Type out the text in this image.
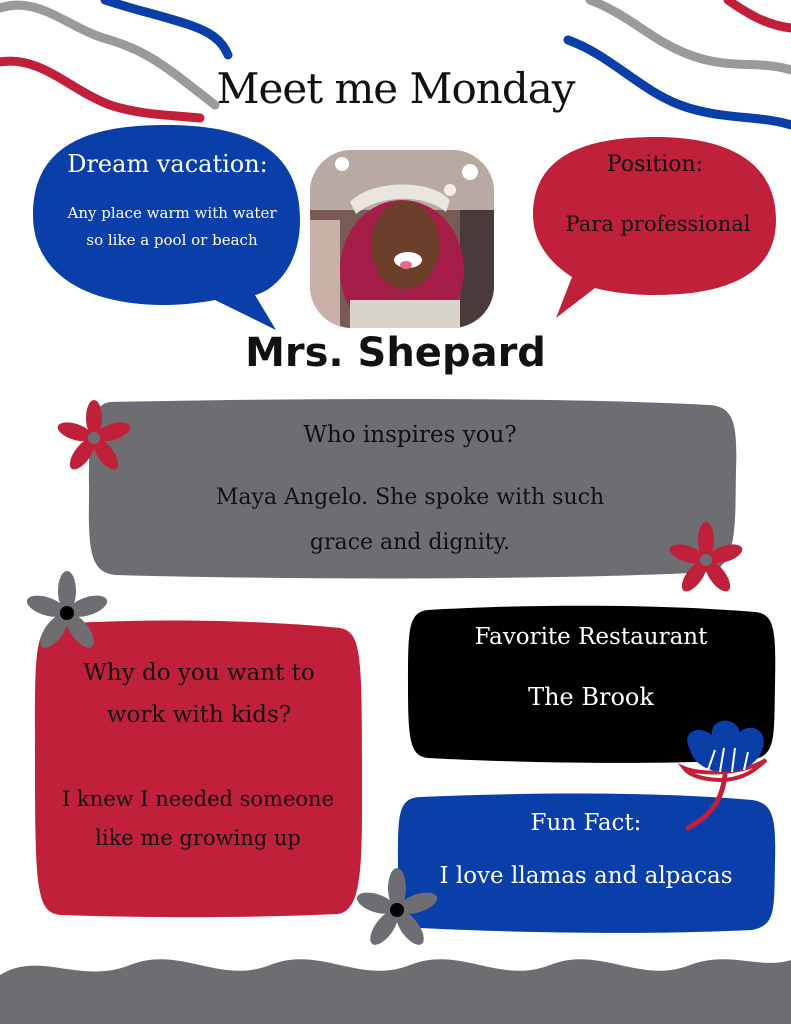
Meet me Monday
Mrs. Shepard
Dream vacation:
Any place warm with water
so like a pool or beach
Position:
Para professional
Who inspires you?
Maya Angelo. She spoke with such
grace and dignity.
Why do you want to
work with kids?
I knew I needed someone
like me growing up
Favorite Restaurant
The Brook
Fun Fact:
I love llamas and alpacas
